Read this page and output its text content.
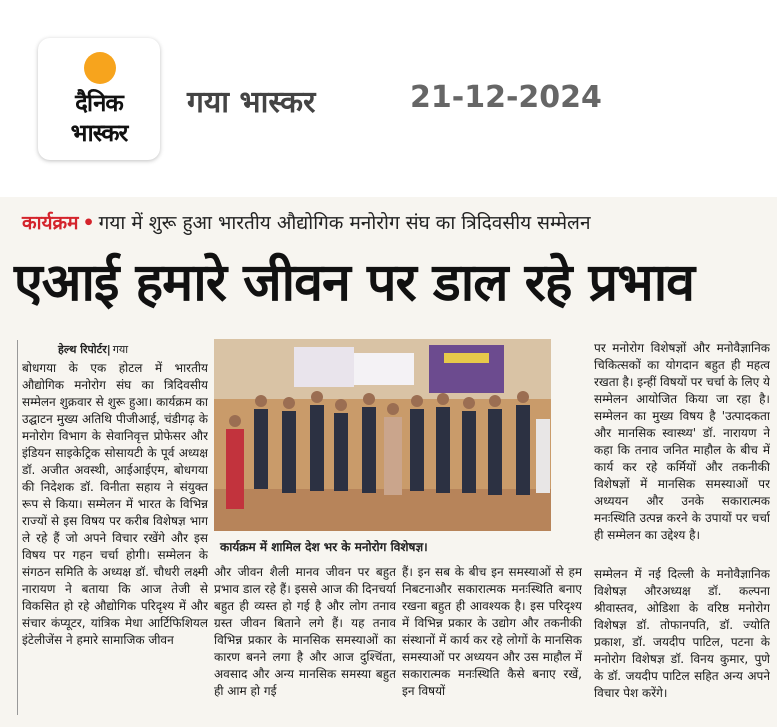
दैनिक
भास्कर
गया भास्कर	21-12-2024
कार्यक्रम • गया में शुरू हुआ भारतीय औद्योगिक मनोरोग संघ का त्रिदिवसीय सम्मेलन
एआई हमारे जीवन पर डाल रहे प्रभाव
हेल्थ रिपोर्टर| गया
बोधगया के एक होटल में भारतीय औद्योगिक मनोरोग संघ का त्रिदिवसीय सम्मेलन शुक्रवार से शुरू हुआ। कार्यक्रम का उद्घाटन मुख्य अतिथि पीजीआई, चंडीगढ़ के मनोरोग विभाग के सेवानिवृत्त प्रोफेसर और इंडियन साइकेट्रिक सोसायटी के पूर्व अध्यक्ष डॉ. अजीत अवस्थी, आईआईएम, बोधगया की निदेशक डॉ. विनीता सहाय ने संयुक्त रूप से किया। सम्मेलन में भारत के विभिन्न राज्यों से इस विषय पर करीब विशेषज्ञ भाग ले रहे हैं जो अपने विचार रखेंगे और इस विषय पर गहन चर्चा होगी। सम्मेलन के संगठन समिति के अध्यक्ष डॉ. चौधरी लक्ष्मी नारायण ने बताया कि आज तेजी से विकसित हो रहे औद्योगिक परिदृश्य में और संचार कंप्यूटर, यांत्रिक मेधा आर्टिफिशियल इंटेलीजेंस ने हमारे सामाजिक जीवन
कार्यक्रम में शामिल देश भर के मनोरोग विशेषज्ञ।
और जीवन शैली मानव जीवन पर बहुत प्रभाव डाल रहे हैं। इससे आज की दिनचर्या बहुत ही व्यस्त हो गई है और लोग तनाव ग्रस्त जीवन बिताने लगे हैं। यह तनाव विभिन्न प्रकार के मानसिक समस्याओं का कारण बनने लगा है और आज दुश्चिंता, अवसाद और अन्य मानसिक समस्या बहुत ही आम हो गई
हैं। इन सब के बीच इन समस्याओं से हम निबटनाऔर सकारात्मक मनःस्थिति बनाए रखना बहुत ही आवश्यक है। इस परिदृश्य में विभिन्न प्रकार के उद्योग और तकनीकी संस्थानों में कार्य कर रहे लोगों के मानसिक समस्याओं पर अध्ययन और उस माहौल में सकारात्मक मनःस्थिति कैसे बनाए रखें, इन विषयों
पर मनोरोग विशेषज्ञों और मनोवैज्ञानिक चिकित्सकों का योगदान बहुत ही महत्व रखता है। इन्हीं विषयों पर चर्चा के लिए ये सम्मेलन आयोजित किया जा रहा है। सम्मेलन का मुख्य विषय है 'उत्पादकता और मानसिक स्वास्थ्य' डॉ. नारायण ने कहा कि तनाव जनित माहौल के बीच में कार्य कर रहे कर्मियों और तकनीकी विशेषज्ञों में मानसिक समस्याओं पर अध्ययन और उनके सकारात्मक मनःस्थिति उत्पन्न करने के उपायों पर चर्चा ही सम्मेलन का उद्देश्य है।
सम्मेलन में नई दिल्ली के मनोवैज्ञानिक विशेषज्ञ औरअध्यक्ष डॉ. कल्पना श्रीवास्तव, ओडिशा के वरिष्ठ मनोरोग विशेषज्ञ डॉ. तोफानपति, डॉ. ज्योति प्रकाश, डॉ. जयदीप पाटिल, पटना के मनोरोग विशेषज्ञ डॉ. विनय कुमार, पुणे के डॉ. जयदीप पाटिल सहित अन्य अपने विचार पेश करेंगे।
